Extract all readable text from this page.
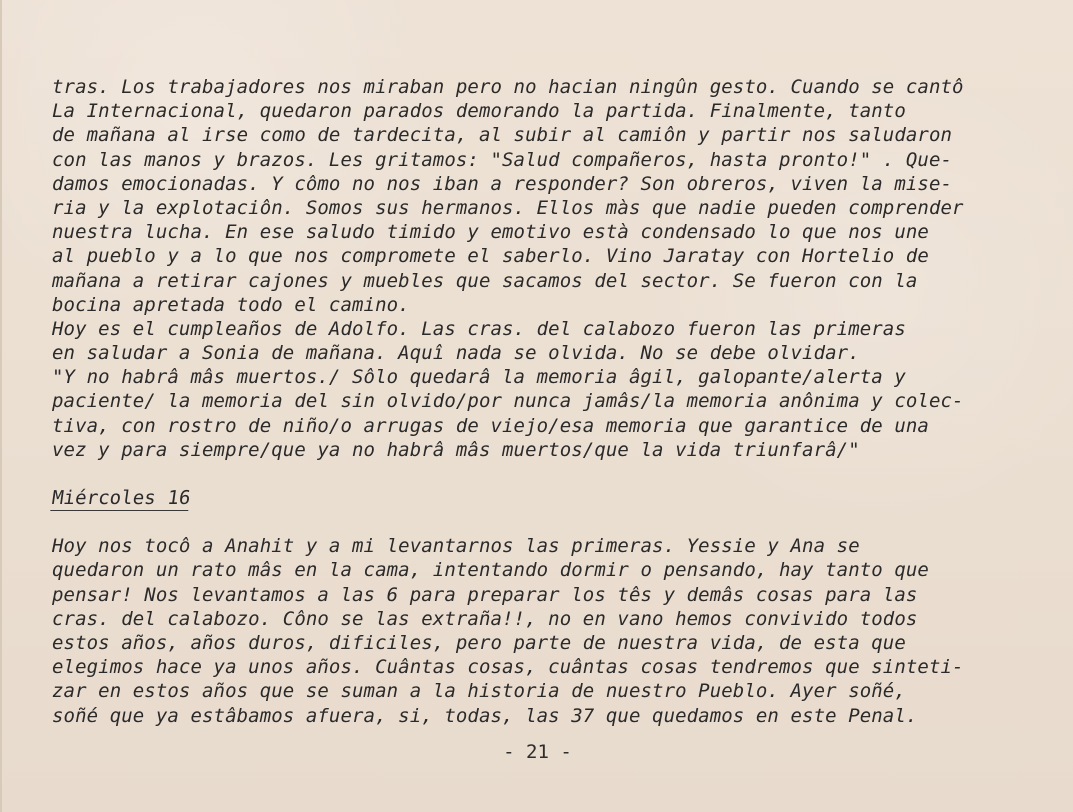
tras. Los trabajadores nos miraban pero no hacian ningûn gesto. Cuando se cantô
La Internacional, quedaron parados demorando la partida. Finalmente, tanto
de mañana al irse como de tardecita, al subir al camiôn y partir nos saludaron
con las manos y brazos. Les gritamos: "Salud compañeros, hasta pronto!" . Que-
damos emocionadas. Y cômo no nos iban a responder? Son obreros, viven la mise-
ria y la explotaciôn. Somos sus hermanos. Ellos màs que nadie pueden comprender
nuestra lucha. En ese saludo timido y emotivo està condensado lo que nos une
al pueblo y a lo que nos compromete el saberlo. Vino Jaratay con Hortelio de
mañana a retirar cajones y muebles que sacamos del sector. Se fueron con la
bocina apretada todo el camino.
Hoy es el cumpleaños de Adolfo. Las cras. del calabozo fueron las primeras
en saludar a Sonia de mañana. Aquî nada se olvida. No se debe olvidar.
"Y no habrâ mâs muertos./ Sôlo quedarâ la memoria âgil, galopante/alerta y
paciente/ la memoria del sin olvido/por nunca jamâs/la memoria anônima y colec-
tiva, con rostro de niño/o arrugas de viejo/esa memoria que garantice de una
vez y para siempre/que ya no habrâ mâs muertos/que la vida triunfarâ/"
Miércoles 16
Hoy nos tocô a Anahit y a mi levantarnos las primeras. Yessie y Ana se
quedaron un rato mâs en la cama, intentando dormir o pensando, hay tanto que
pensar! Nos levantamos a las 6 para preparar los tês y demâs cosas para las
cras. del calabozo. Côno se las extraña!!, no en vano hemos convivido todos
estos años, años duros, dificiles, pero parte de nuestra vida, de esta que
elegimos hace ya unos años. Cuântas cosas, cuântas cosas tendremos que sinteti-
zar en estos años que se suman a la historia de nuestro Pueblo. Ayer soñé,
soñé que ya estâbamos afuera, si, todas, las 37 que quedamos en este Penal.
- 21 -
